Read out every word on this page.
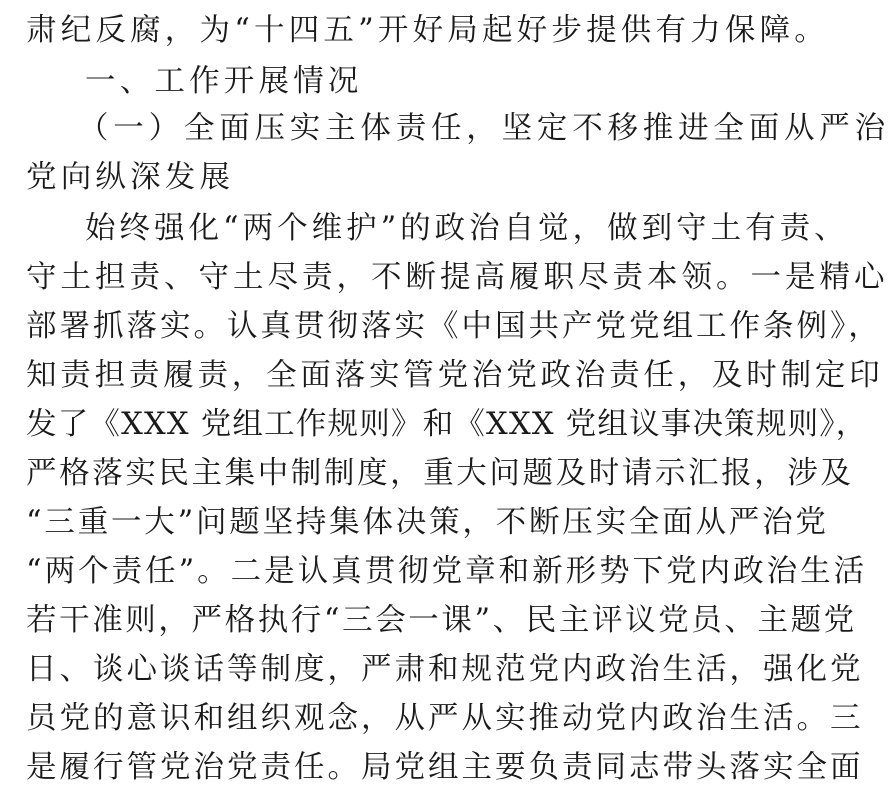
肃纪反腐，为“十四五”开好局起好步提供有力保障。
一、工作开展情况
（一）全面压实主体责任，坚定不移推进全面从严治
党向纵深发展
始终强化“两个维护”的政治自觉，做到守土有责、
守土担责、守土尽责，不断提高履职尽责本领。一是精心
部署抓落实。认真贯彻落实《中国共产党党组工作条例》，
知责担责履责，全面落实管党治党政治责任，及时制定印
发了《XXX 党组工作规则》和《XXX 党组议事决策规则》，
严格落实民主集中制制度，重大问题及时请示汇报，涉及
“三重一大”问题坚持集体决策，不断压实全面从严治党
“两个责任”。二是认真贯彻党章和新形势下党内政治生活
若干准则，严格执行“三会一课”、民主评议党员、主题党
日、谈心谈话等制度，严肃和规范党内政治生活，强化党
员党的意识和组织观念，从严从实推动党内政治生活。三
是履行管党治党责任。局党组主要负责同志带头落实全面
